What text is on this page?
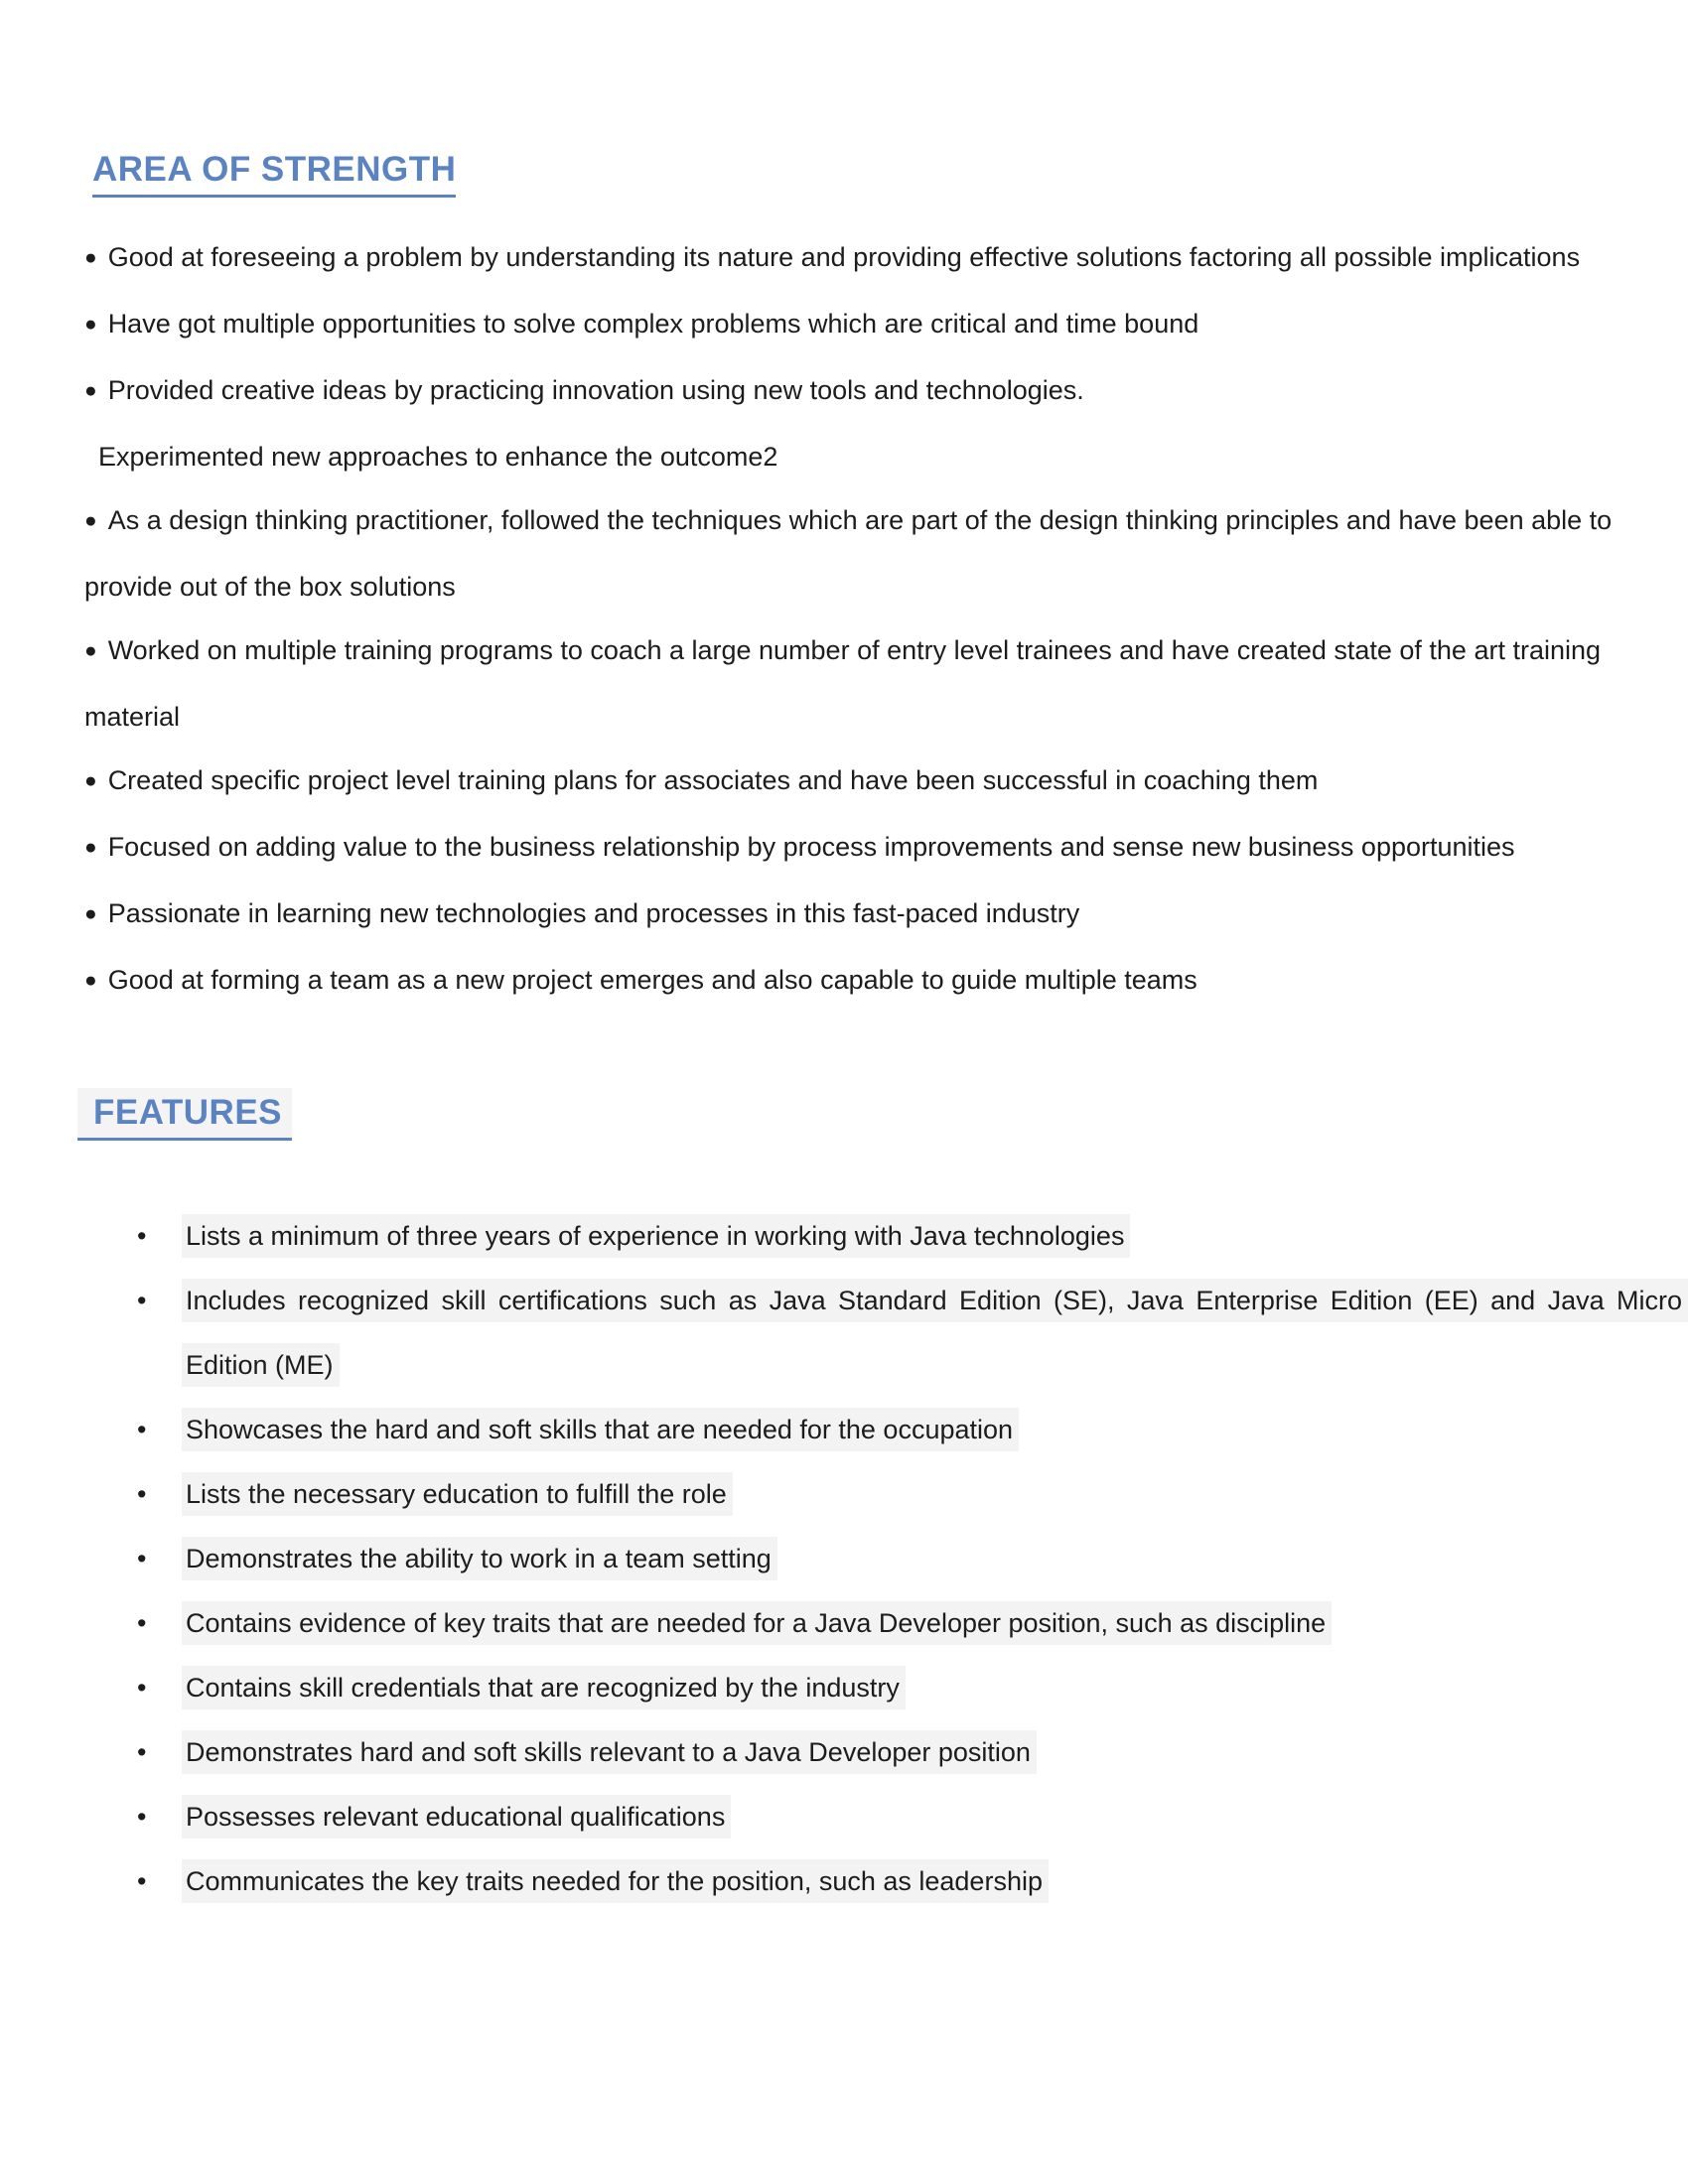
AREA OF STRENGTH

● Good at foreseeing a problem by understanding its nature and providing effective solutions factoring all possible implications

● Have got multiple opportunities to solve complex problems which are critical and time bound

● Provided creative ideas by practicing innovation using new tools and technologies.

Experimented new approaches to enhance the outcome2

● As a design thinking practitioner, followed the techniques which are part of the design thinking principles and have been able to provide out of the box solutions

● Worked on multiple training programs to coach a large number of entry level trainees and have created state of the art training material

● Created specific project level training plans for associates and have been successful in coaching them

● Focused on adding value to the business relationship by process improvements and sense new business opportunities

● Passionate in learning new technologies and processes in this fast-paced industry

● Good at forming a team as a new project emerges and also capable to guide multiple teams

FEATURES
• Lists a minimum of three years of experience in working with Java technologies
• Includes recognized skill certifications such as Java Standard Edition (SE), Java Enterprise Edition (EE) and Java Micro Edition (ME)
• Showcases the hard and soft skills that are needed for the occupation
• Lists the necessary education to fulfill the role
• Demonstrates the ability to work in a team setting
• Contains evidence of key traits that are needed for a Java Developer position, such as discipline
• Contains skill credentials that are recognized by the industry
• Demonstrates hard and soft skills relevant to a Java Developer position
• Possesses relevant educational qualifications
• Communicates the key traits needed for the position, such as leadership
